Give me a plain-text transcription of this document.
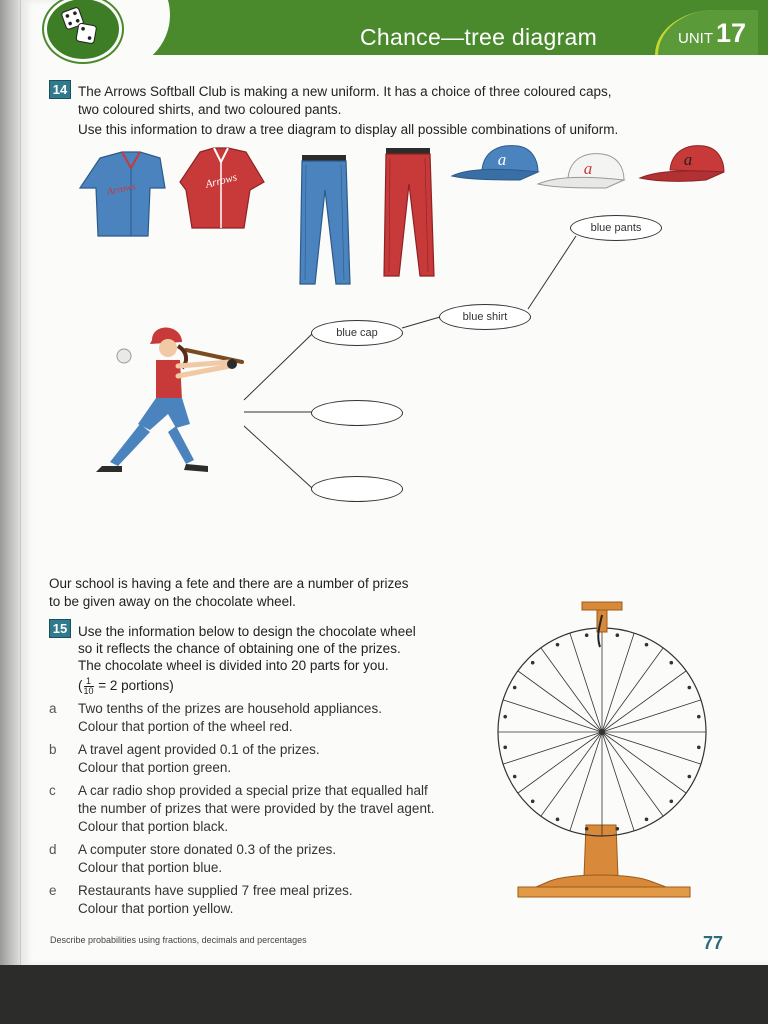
Chance—tree diagram	UNIT 17
14 The Arrows Softball Club is making a new uniform. It has a choice of three coloured caps,
two coloured shirts, and two coloured pants.
Use this information to draw a tree diagram to display all possible combinations of uniform.
Arrows	Arrows
a	a	a
blue pants
blue shirt
blue cap
Our school is having a fete and there are a number of prizes
to be given away on the chocolate wheel.
15 Use the information below to design the chocolate wheel
so it reflects the chance of obtaining one of the prizes.
The chocolate wheel is divided into 20 parts for you.
( $\frac{1}{10} = 2$ portions)
a Two tenths of the prizes are household appliances.
Colour that portion of the wheel red.
b A travel agent provided 0.1 of the prizes.
Colour that portion green.
c A car radio shop provided a special prize that equalled half
the number of prizes that were provided by the travel agent.
Colour that portion black.
d A computer store donated 0.3 of the prizes.
Colour that portion blue.
e Restaurants have supplied 7 free meal prizes.
Colour that portion yellow.
Describe probabilities using fractions, decimals and percentages	77
